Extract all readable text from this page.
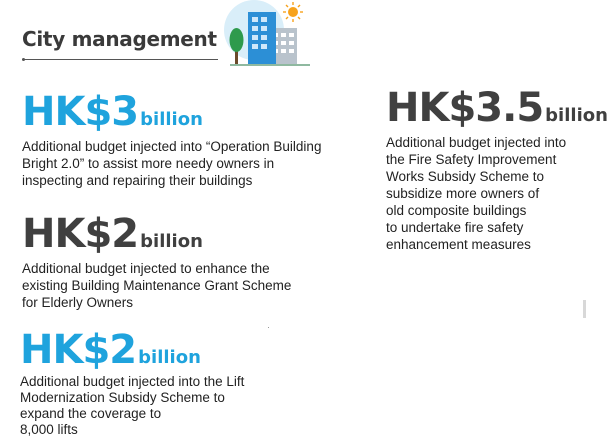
City management
HK$3 billion
Additional budget injected into “Operation Building
Bright 2.0” to assist more needy owners in
inspecting and repairing their buildings
HK$2 billion
Additional budget injected to enhance the
existing Building Maintenance Grant Scheme
for Elderly Owners
HK$2 billion
Additional budget injected into the Lift
Modernization Subsidy Scheme to
expand the coverage to
8,000 lifts
HK$3.5 billion
Additional budget injected into
the Fire Safety Improvement
Works Subsidy Scheme to
subsidize more owners of
old composite buildings
to undertake fire safety
enhancement measures
